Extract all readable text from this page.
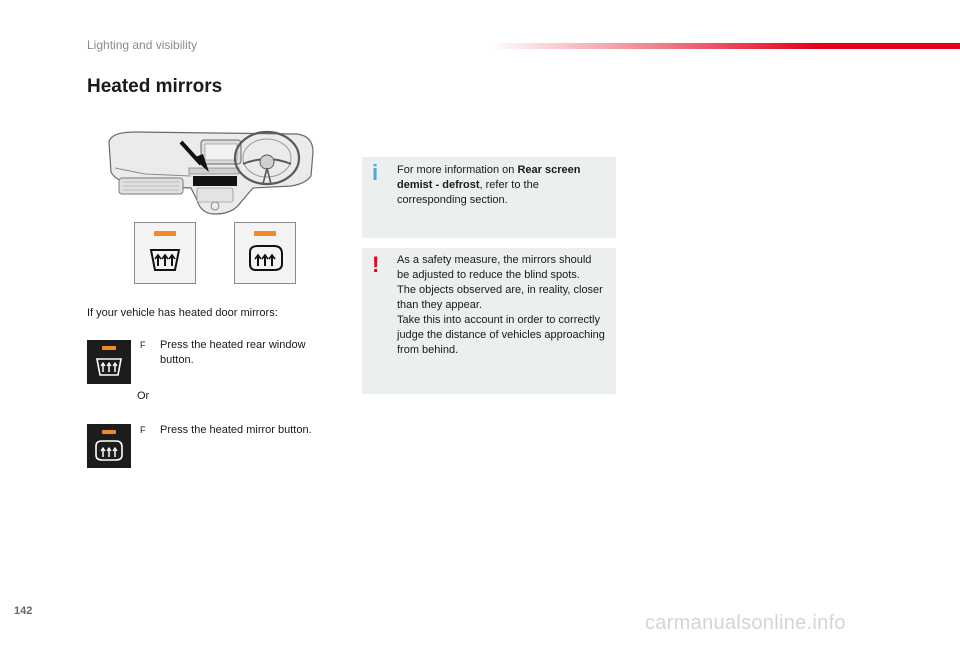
Lighting and visibility
Heated mirrors
If your vehicle has heated door mirrors:
F	Press the heated rear window button.
Or
F	Press the heated mirror button.
i For more information on Rear screen demist - defrost, refer to the corresponding section.
! As a safety measure, the mirrors should be adjusted to reduce the blind spots.
The objects observed are, in reality, closer than they appear.
Take this into account in order to correctly judge the distance of vehicles approaching from behind.
142
carmanualsonline.info
